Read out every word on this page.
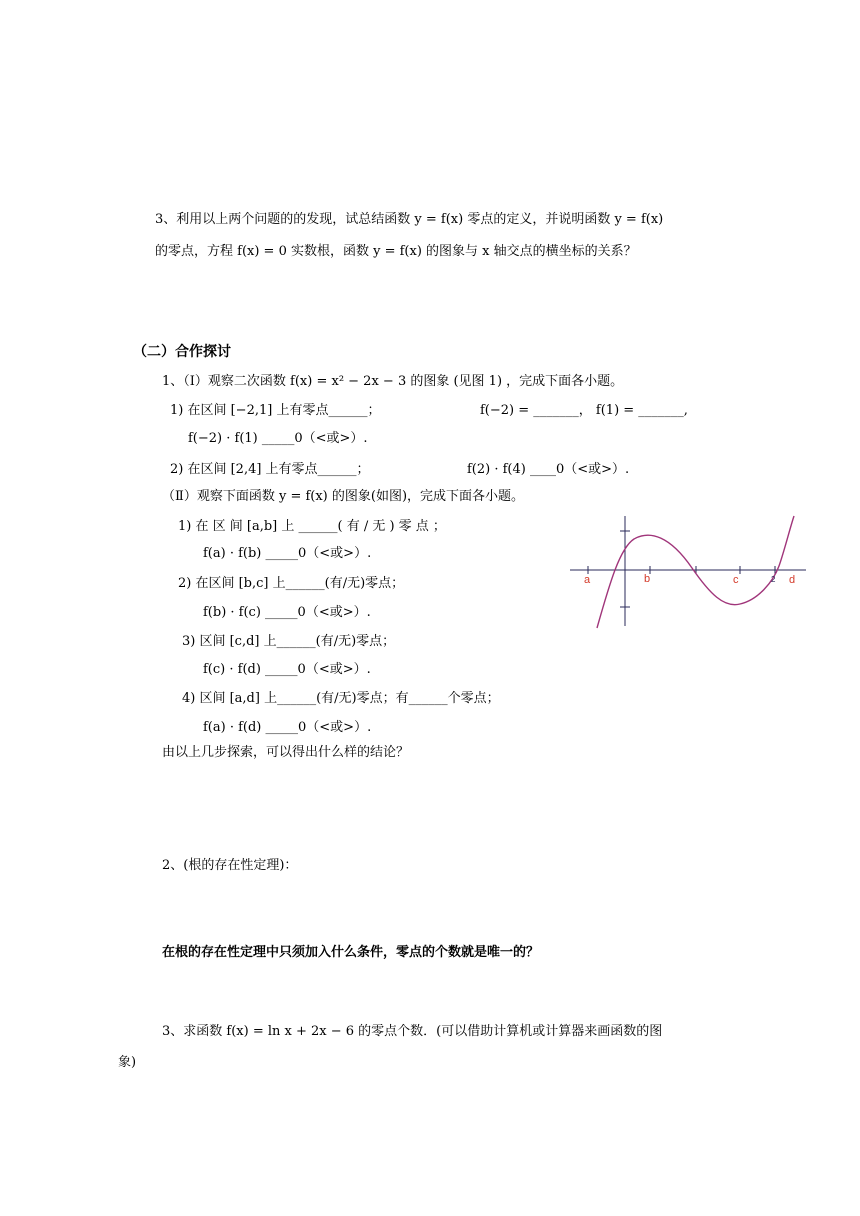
3、利用以上两个问题的的发现，试总结函数 y = f(x) 零点的定义，并说明函数 y = f(x)
的零点，方程 f(x) = 0 实数根，函数 y = f(x) 的图象与 x 轴交点的横坐标的关系？
（二）合作探讨
1、（Ⅰ）观察二次函数 f(x) = x² − 2x − 3 的图象 (见图 1) ，完成下面各小题。
1) 在区间 [−2,1] 上有零点______；	f(−2) = _______， f(1) = _______,
f(−2) · f(1) _____0（<或>）.
2) 在区间 [2,4] 上有零点______；	f(2) · f(4) ____0（<或>）.
（Ⅱ）观察下面函数 y = f(x) 的图象(如图)，完成下面各小题。
1) 在 区 间 [a,b] 上 ______( 有 / 无 ) 零 点 ；
f(a) · f(b) _____0（<或>）.
2) 在区间 [b,c] 上______(有/无)零点；
f(b) · f(c) _____0（<或>）.
3) 区间 [c,d] 上______(有/无)零点；
f(c) · f(d) _____0（<或>）.
4) 区间 [a,d] 上______(有/无)零点；有______个零点；
f(a) · f(d) _____0（<或>）.
由以上几步探索，可以得出什么样的结论？
a	b	c	2 d
2、(根的存在性定理)：
在根的存在性定理中只须加入什么条件，零点的个数就是唯一的？
3、求函数 f(x) = ln x + 2x − 6 的零点个数．(可以借助计算机或计算器来画函数的图
象)
